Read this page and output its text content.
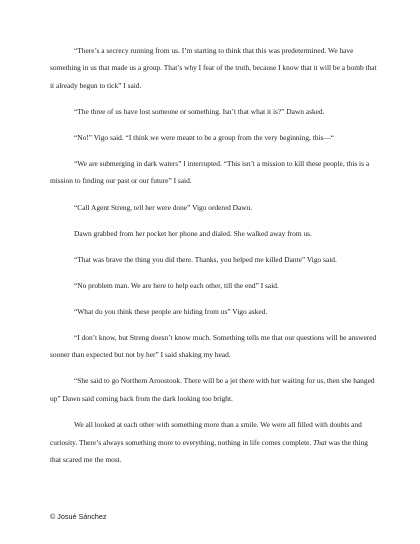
“There’s a secrecy running from us. I’m starting to think that this was predetermined. We have something in us that made us a group. That’s why I fear of the truth, because I know that it will be a bomb that it already begun to tick” I said.

“The three of us have lost someone or something. Isn’t that what it is?” Dawn asked.

“No!” Vigo said. “I think we were meant to be a group from the very beginning, this—“

“We are submerging in dark waters” I interrupted. “This isn’t a mission to kill these people, this is a mission to finding our past or our future” I said.

“Call Agent Streng, tell her were done” Vigo ordered Dawn.

Dawn grabbed from her pocket her phone and dialed. She walked away from us.

“That was brave the thing you did there. Thanks, you helped me killed Dante” Vigo said.

“No problem man. We are here to help each other, till the end” I said.

“What do you think these people are hiding from us” Vigo asked.

“I don’t know, but Streng doesn’t know much. Something tells me that our questions will be answered sooner than expected but not by her” I said shaking my head.

“She said to go Northern Aroostook. There will be a jet there with her waiting for us, then she hanged up” Dawn said coming back from the dark looking too bright.

We all looked at each other with something more than a smile. We were all filled with doubts and curiosity. There’s always something more to everything, nothing in life comes complete. That was the thing that scared me the most.

© Josué Sánchez
